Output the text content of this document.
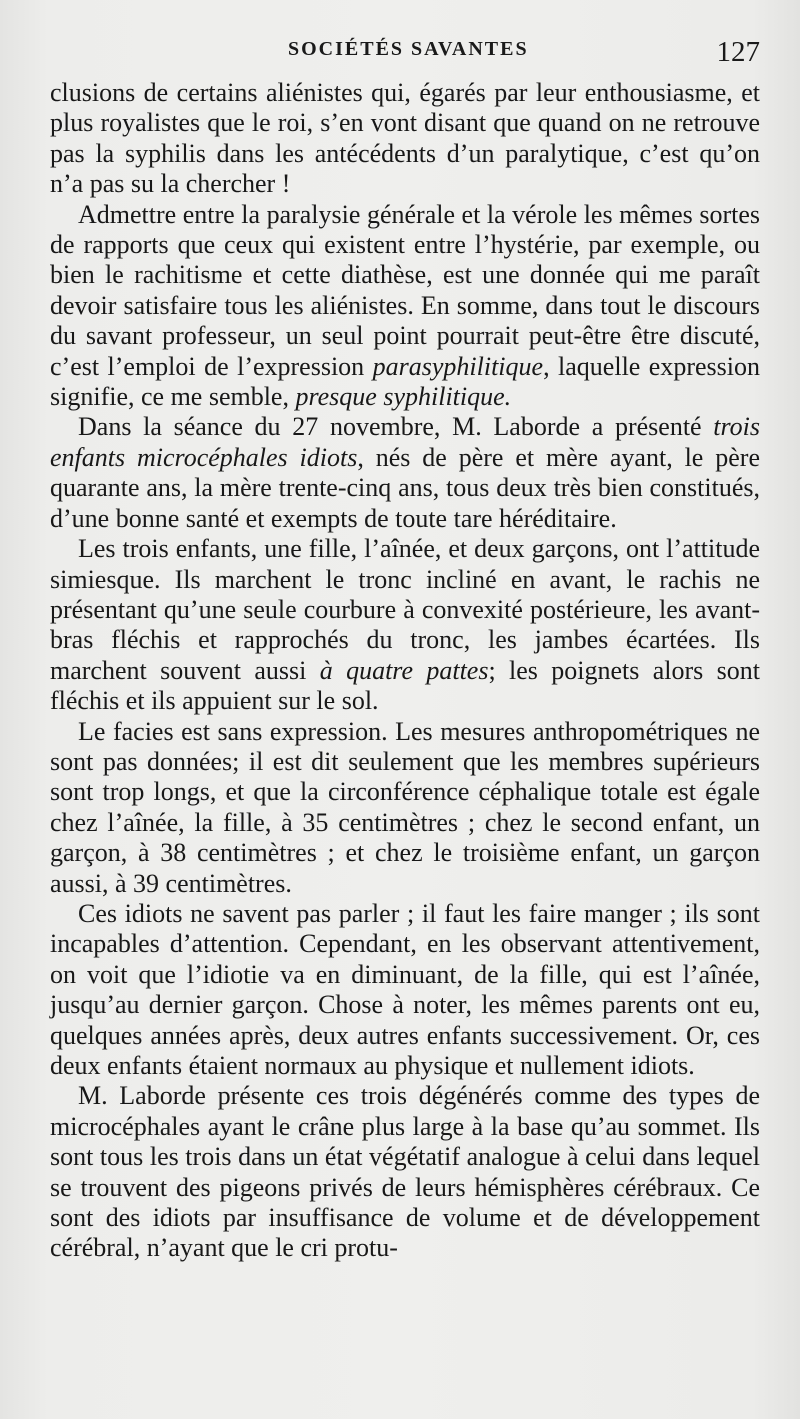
SOCIÉTÉS SAVANTES	127

clusions de certains aliénistes qui, égarés par leur enthousiasme, et plus royalistes que le roi, s’en vont disant que quand on ne retrouve pas la syphilis dans les antécédents d’un paralytique, c’est qu’on n’a pas su la chercher !

Admettre entre la paralysie générale et la vérole les mêmes sortes de rapports que ceux qui existent entre l’hystérie, par exemple, ou bien le rachitisme et cette diathèse, est une donnée qui me paraît devoir satisfaire tous les aliénistes. En somme, dans tout le discours du savant professeur, un seul point pourrait peut-être être discuté, c’est l’emploi de l’expression parasyphilitique, laquelle expression signifie, ce me semble, presque syphilitique.

Dans la séance du 27 novembre, M. Laborde a présenté trois enfants microcéphales idiots, nés de père et mère ayant, le père quarante ans, la mère trente-cinq ans, tous deux très bien constitués, d’une bonne santé et exempts de toute tare héréditaire.

Les trois enfants, une fille, l’aînée, et deux garçons, ont l’attitude simiesque. Ils marchent le tronc incliné en avant, le rachis ne présentant qu’une seule courbure à convexité postérieure, les avant-bras fléchis et rapprochés du tronc, les jambes écartées. Ils marchent souvent aussi à quatre pattes; les poignets alors sont fléchis et ils appuient sur le sol.

Le facies est sans expression. Les mesures anthropométriques ne sont pas données; il est dit seulement que les membres supérieurs sont trop longs, et que la circonférence céphalique totale est égale chez l’aînée, la fille, à 35 centimètres ; chez le second enfant, un garçon, à 38 centimètres ; et chez le troisième enfant, un garçon aussi, à 39 centimètres.

Ces idiots ne savent pas parler ; il faut les faire manger ; ils sont incapables d’attention. Cependant, en les observant attentivement, on voit que l’idiotie va en diminuant, de la fille, qui est l’aînée, jusqu’au dernier garçon. Chose à noter, les mêmes parents ont eu, quelques années après, deux autres enfants successivement. Or, ces deux enfants étaient normaux au physique et nullement idiots.

M. Laborde présente ces trois dégénérés comme des types de microcéphales ayant le crâne plus large à la base qu’au sommet. Ils sont tous les trois dans un état végétatif analogue à celui dans lequel se trouvent des pigeons privés de leurs hémisphères cérébraux. Ce sont des idiots par insuffisance de volume et de développement cérébral, n’ayant que le cri protu-
